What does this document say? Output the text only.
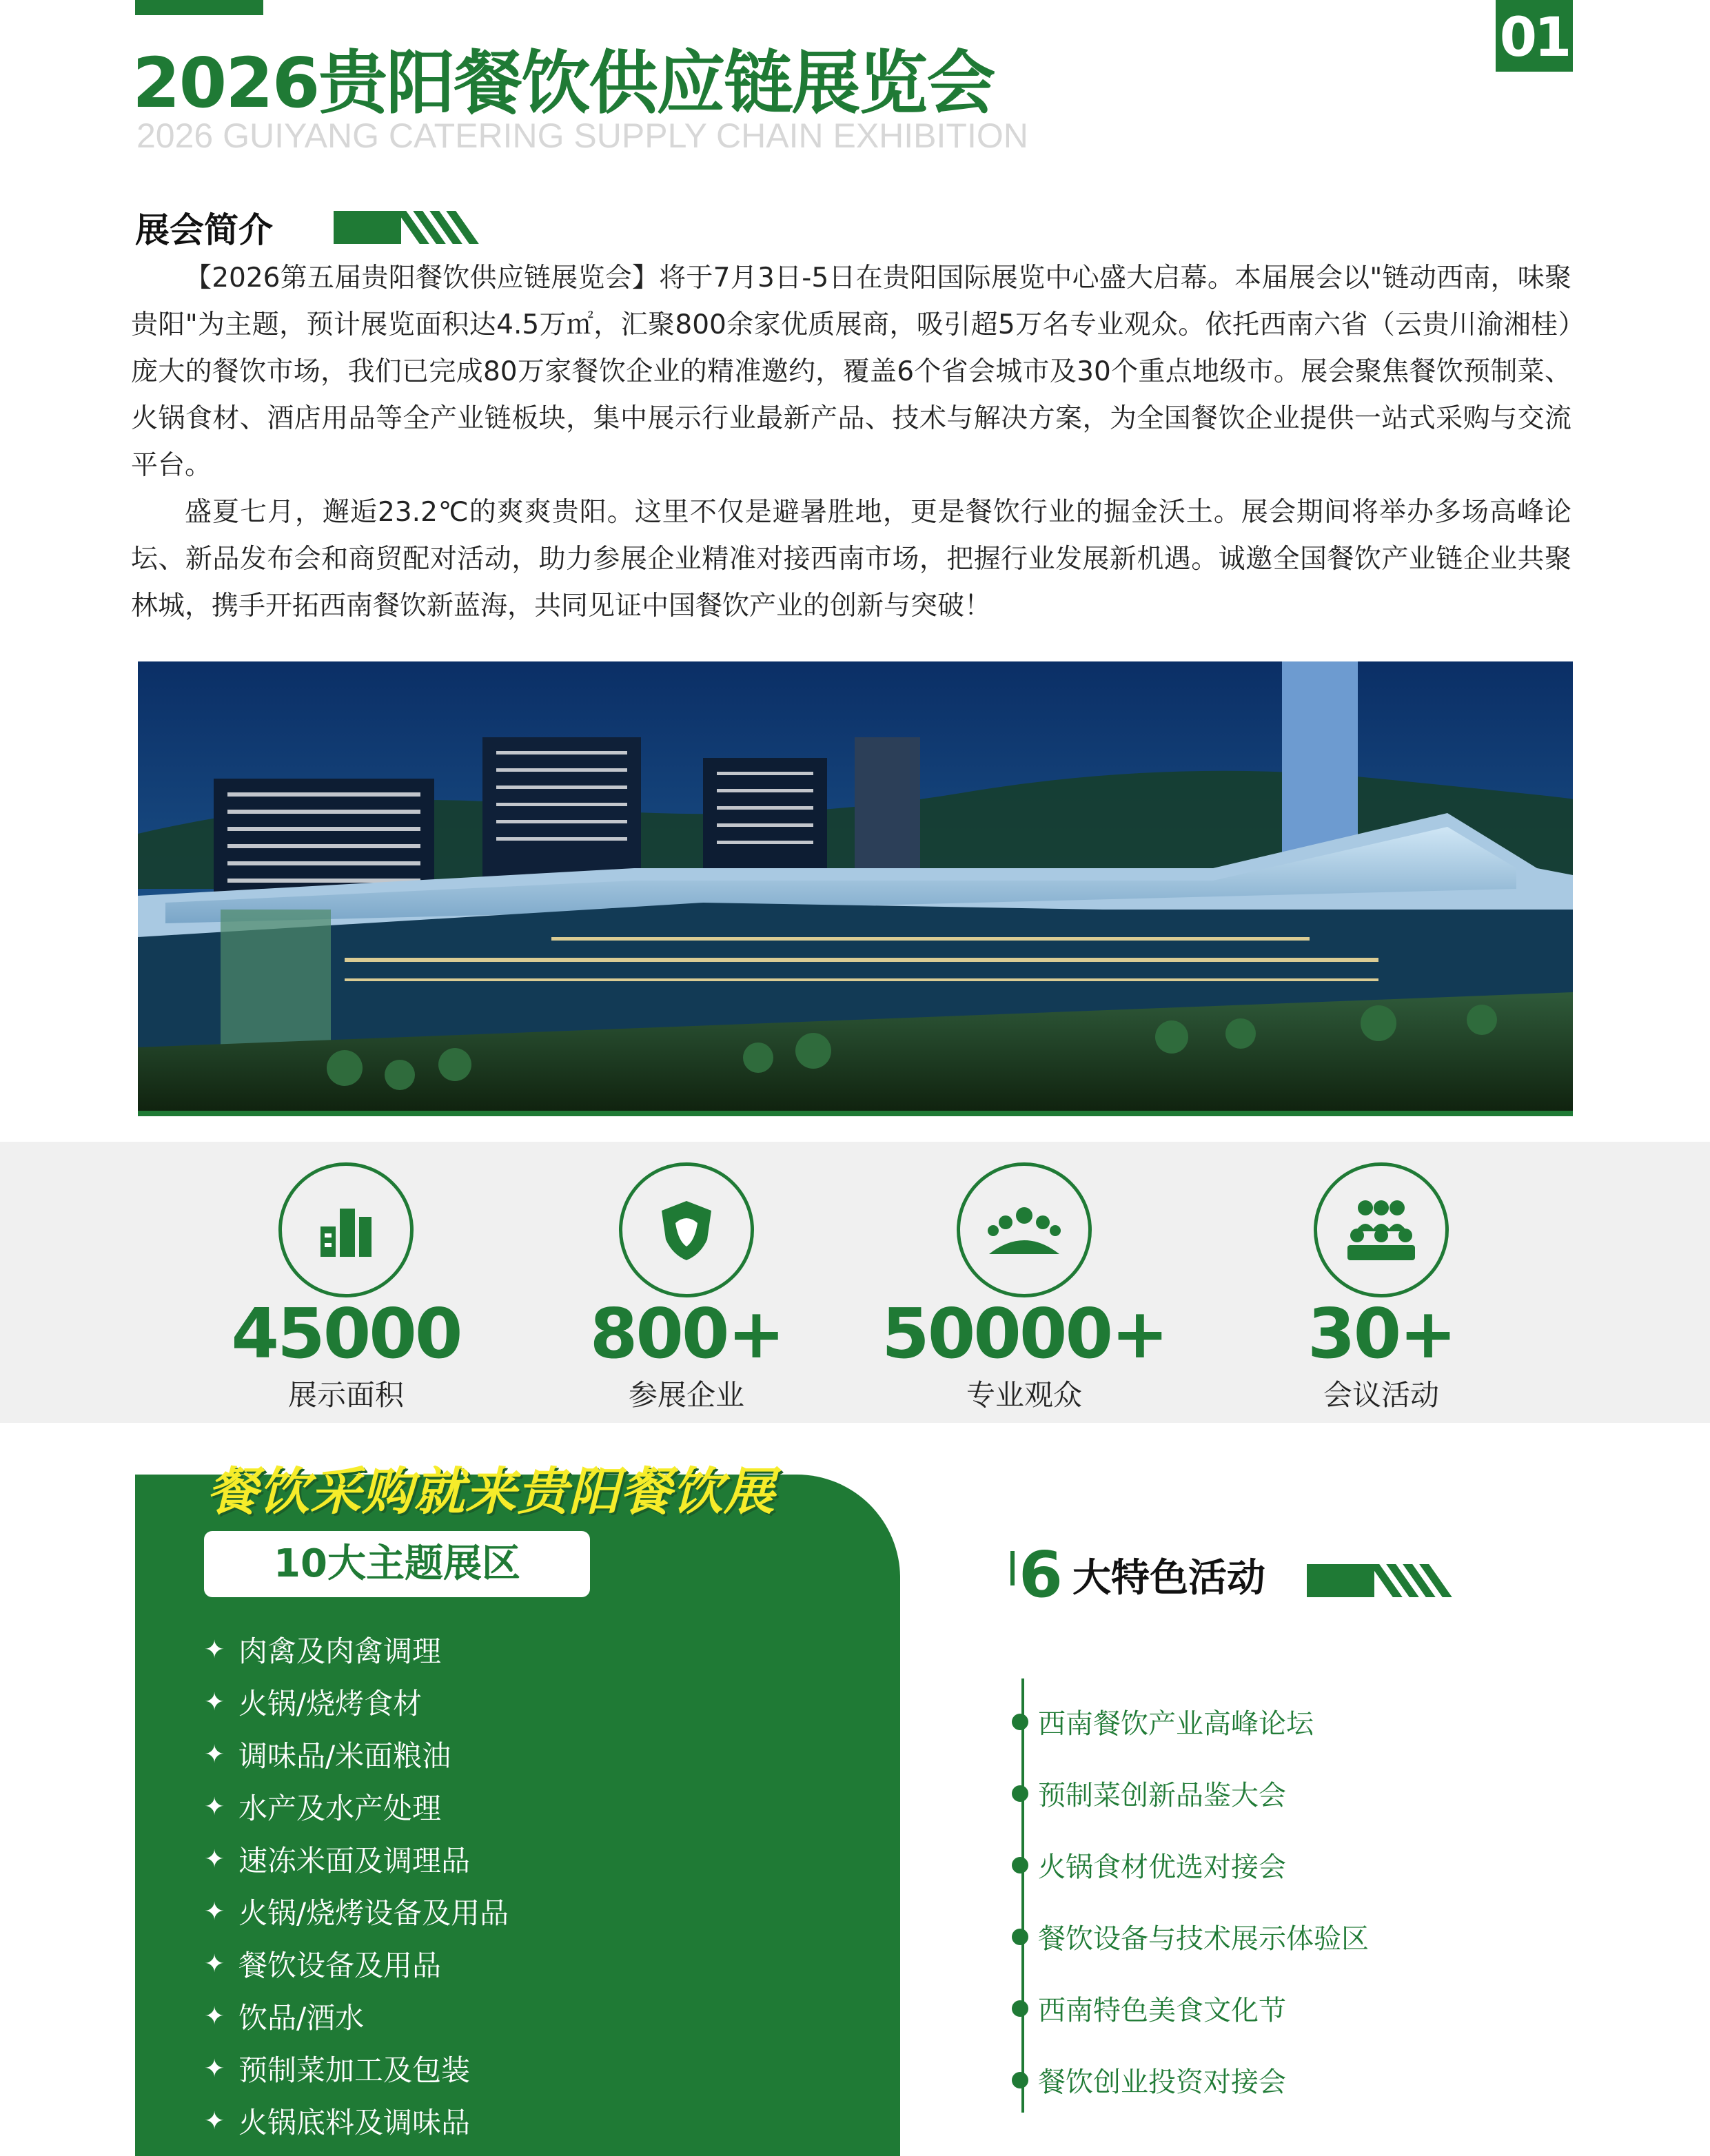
01
2026贵阳餐饮供应链展览会
2026 GUIYANG CATERING SUPPLY CHAIN EXHIBITION
展会简介

【2026第五届贵阳餐饮供应链展览会】将于7月3日-5日在贵阳国际展览中心盛大启幕。本届展会以"链动西南，味聚贵阳"为主题，预计展览面积达4.5万㎡，汇聚800余家优质展商，吸引超5万名专业观众。依托西南六省（云贵川渝湘桂）庞大的餐饮市场，我们已完成80万家餐饮企业的精准邀约，覆盖6个省会城市及30个重点地级市。展会聚焦餐饮预制菜、火锅食材、酒店用品等全产业链板块，集中展示行业最新产品、技术与解决方案，为全国餐饮企业提供一站式采购与交流平台。

盛夏七月，邂逅23.2℃的爽爽贵阳。这里不仅是避暑胜地，更是餐饮行业的掘金沃土。展会期间将举办多场高峰论坛、新品发布会和商贸配对活动，助力参展企业精准对接西南市场，把握行业发展新机遇。诚邀全国餐饮产业链企业共聚林城，携手开拓西南餐饮新蓝海，共同见证中国餐饮产业的创新与突破！

45000
展示面积
800+
参展企业
50000+
专业观众
30+
会议活动
餐饮采购就来贵阳餐饮展
10大主题展区
✦ 肉禽及肉禽调理
✦ 火锅/烧烤食材
✦ 调味品/米面粮油
✦ 水产及水产处理
✦ 速冻米面及调理品
✦ 火锅/烧烤设备及用品
✦ 餐饮设备及用品
✦ 饮品/酒水
✦ 预制菜加工及包装
✦ 火锅底料及调味品
6 大特色活动
西南餐饮产业高峰论坛
预制菜创新品鉴大会
火锅食材优选对接会
餐饮设备与技术展示体验区
西南特色美食文化节
餐饮创业投资对接会
